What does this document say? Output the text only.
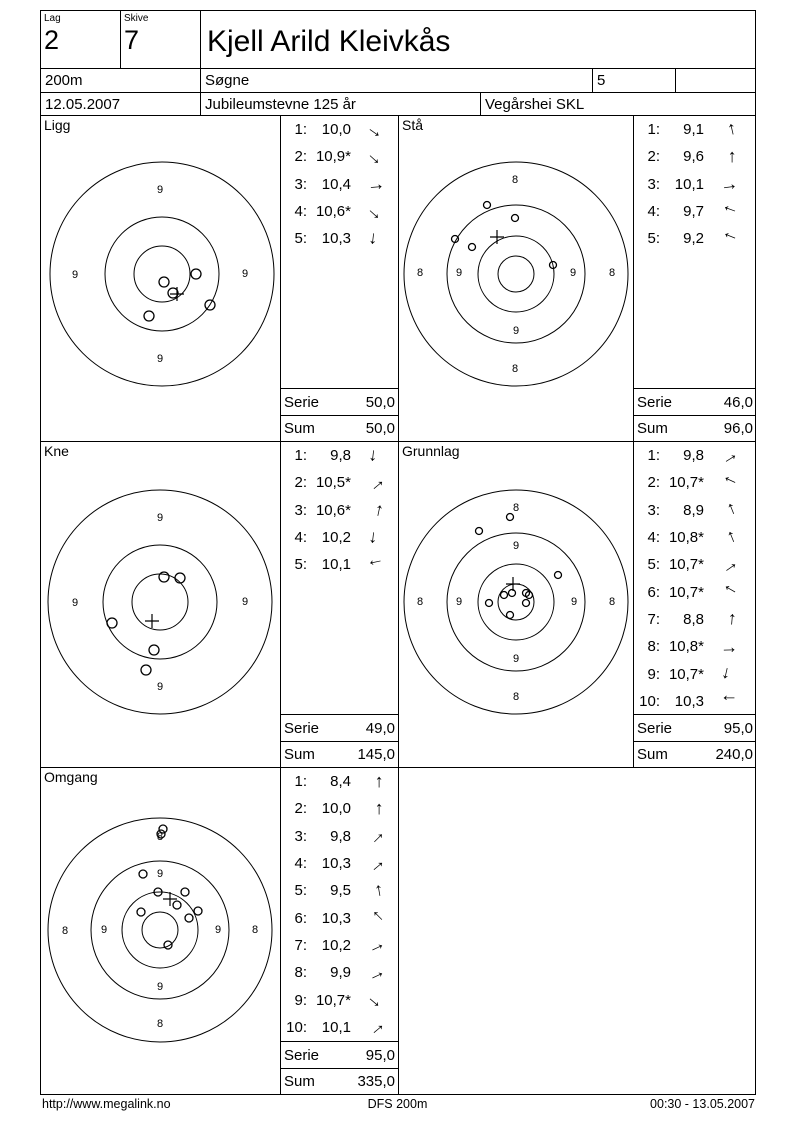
Lag
2
Skive
7	Kjell Arild Kleivkås
200m	Søgne	5
12.05.2007	Jubileumstevne 125 år	Vegårshei SKL
Ligg
9
9	9
9
1: 10,0 →
2: 10,9* →
3: 10,4 →
4: 10,6* →
5: 10,3 →
Serie	50,0
Sum	50,0
Stå
8
8	8
8
9	9
9
1:	9,1 →
2:	9,6 →
3: 10,1 →
4:	9,7 →
5:	9,2 →
Serie	46,0
Sum	96,0
Kne
9
9	9
9
1:	9,8 →
2: 10,5* →
3: 10,6* →
4: 10,2 →
5: 10,1 →
Serie	49,0
Sum	145,0
Grunnlag
8
8	8
8
9
9	9
9
1:	9,8 →
2: 10,7* →
3:	8,9 →
4: 10,8* →
5: 10,7* →
6: 10,7* →
7:	8,8 →
8: 10,8* →
9: 10,7* →
10: 10,3 →
Serie	95,0
Sum	240,0
Omgang
8
8	8
8
9
9	9
9
1:	8,4 →
2: 10,0 →
3:	9,8 →
4: 10,3 →
5:	9,5 →
6: 10,3 →
7: 10,2 →
8:	9,9 →
9: 10,7* →
10: 10,1 →
Serie	95,0
Sum	335,0
http://www.megalink.no	DFS 200m	00:30 - 13.05.2007
